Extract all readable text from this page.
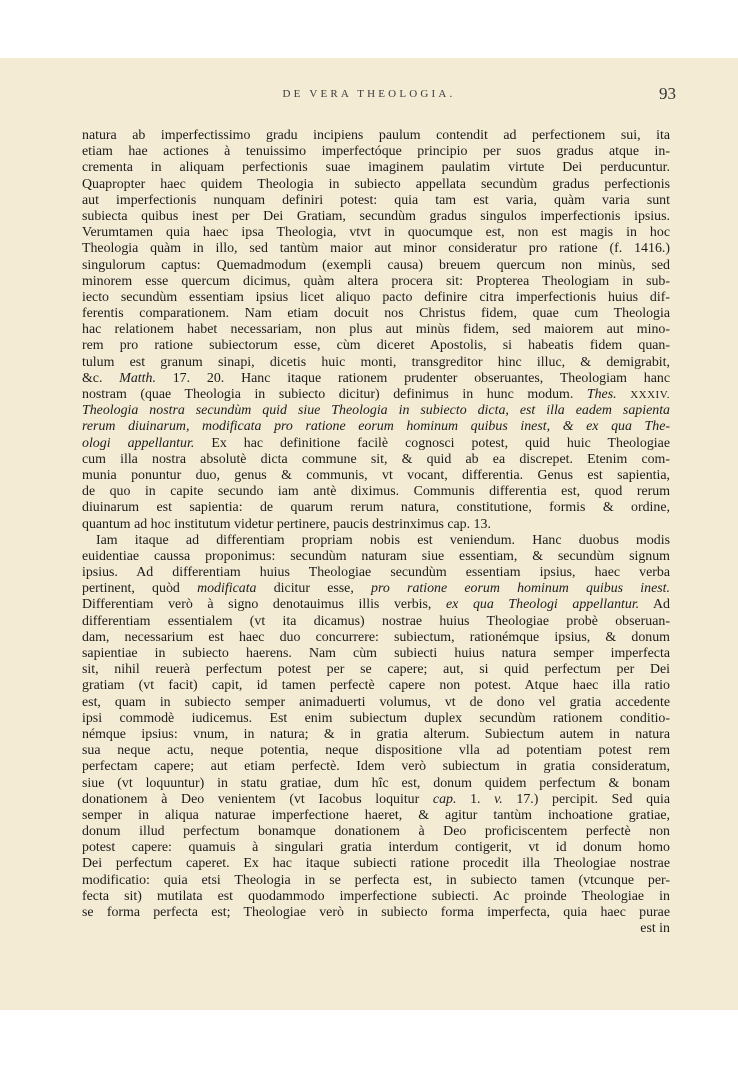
DE VERA THEOLOGIA.	93
natura ab imperfectissimo gradu incipiens paulum contendit ad perfectionem sui, ita
etiam hae actiones à tenuissimo imperfectóque principio per suos gradus atque in-
crementa in aliquam perfectionis suae imaginem paulatim virtute Dei perducuntur.
Quapropter haec quidem Theologia in subiecto appellata secundùm gradus perfectionis
aut imperfectionis nunquam definiri potest: quia tam est varia, quàm varia sunt
subiecta quibus inest per Dei Gratiam, secundùm gradus singulos imperfectionis ipsius.
Verumtamen quia haec ipsa Theologia, vtvt in quocumque est, non est magis in hoc
Theologia quàm in illo, sed tantùm maior aut minor consideratur pro ratione (f. 1416.)
singulorum captus: Quemadmodum (exempli causa) breuem quercum non minùs, sed
minorem esse quercum dicimus, quàm altera procera sit: Propterea Theologiam in sub-
iecto secundùm essentiam ipsius licet aliquo pacto definire citra imperfectionis huius dif-
ferentis comparationem. Nam etiam docuit nos Christus fidem, quae cum Theologia
hac relationem habet necessariam, non plus aut minùs fidem, sed maiorem aut mino-
rem pro ratione subiectorum esse, cùm diceret Apostolis, si habeatis fidem quan-
tulum est granum sinapi, dicetis huic monti, transgreditor hinc illuc, & demigrabit,
&c. Matth. 17. 20. Hanc itaque rationem prudenter obseruantes, Theologiam hanc
nostram (quae Theologia in subiecto dicitur) definimus in hunc modum. Thes. XXXIV.
Theologia nostra secundùm quid siue Theologia in subiecto dicta, est illa eadem sapienta
rerum diuinarum, modificata pro ratione eorum hominum quibus inest, & ex qua The-
ologi appellantur. Ex hac definitione facilè cognosci potest, quid huic Theologiae
cum illa nostra absolutè dicta commune sit, & quid ab ea discrepet. Etenim com-
munia ponuntur duo, genus & communis, vt vocant, differentia. Genus est sapientia,
de quo in capite secundo iam antè diximus. Communis differentia est, quod rerum
diuinarum est sapientia: de quarum rerum natura, constitutione, formis & ordine,
quantum ad hoc institutum videtur pertinere, paucis destrinximus cap. 13.
Iam itaque ad differentiam propriam nobis est veniendum. Hanc duobus modis
euidentiae caussa proponimus: secundùm naturam siue essentiam, & secundùm signum
ipsius. Ad differentiam huius Theologiae secundùm essentiam ipsius, haec verba
pertinent, quòd modificata dicitur esse, pro ratione eorum hominum quibus inest.
Differentiam verò à signo denotauimus illis verbis, ex qua Theologi appellantur. Ad
differentiam essentialem (vt ita dicamus) nostrae huius Theologiae probè obseruan-
dam, necessarium est haec duo concurrere: subiectum, rationémque ipsius, & donum
sapientiae in subiecto haerens. Nam cùm subiecti huius natura semper imperfecta
sit, nihil reuerà perfectum potest per se capere; aut, si quid perfectum per Dei
gratiam (vt facit) capit, id tamen perfectè capere non potest. Atque haec illa ratio
est, quam in subiecto semper animaduerti volumus, vt de dono vel gratia accedente
ipsi commodè iudicemus. Est enim subiectum duplex secundùm rationem conditio-
némque ipsius: vnum, in natura; & in gratia alterum. Subiectum autem in natura
sua neque actu, neque potentia, neque dispositione vlla ad potentiam potest rem
perfectam capere; aut etiam perfectè. Idem verò subiectum in gratia consideratum,
siue (vt loquuntur) in statu gratiae, dum hîc est, donum quidem perfectum & bonam
donationem à Deo venientem (vt Iacobus loquitur cap. 1. v. 17.) percipit. Sed quia
semper in aliqua naturae imperfectione haeret, & agitur tantùm inchoatione gratiae,
donum illud perfectum bonamque donationem à Deo proficiscentem perfectè non
potest capere: quamuis à singulari gratia interdum contigerit, vt id donum homo
Dei perfectum caperet. Ex hac itaque subiecti ratione procedit illa Theologiae nostrae
modificatio: quia etsi Theologia in se perfecta est, in subiecto tamen (vtcunque per-
fecta sit) mutilata est quodammodo imperfectione subiecti. Ac proinde Theologiae in
se forma perfecta est; Theologiae verò in subiecto forma imperfecta, quia haec purae
est in
